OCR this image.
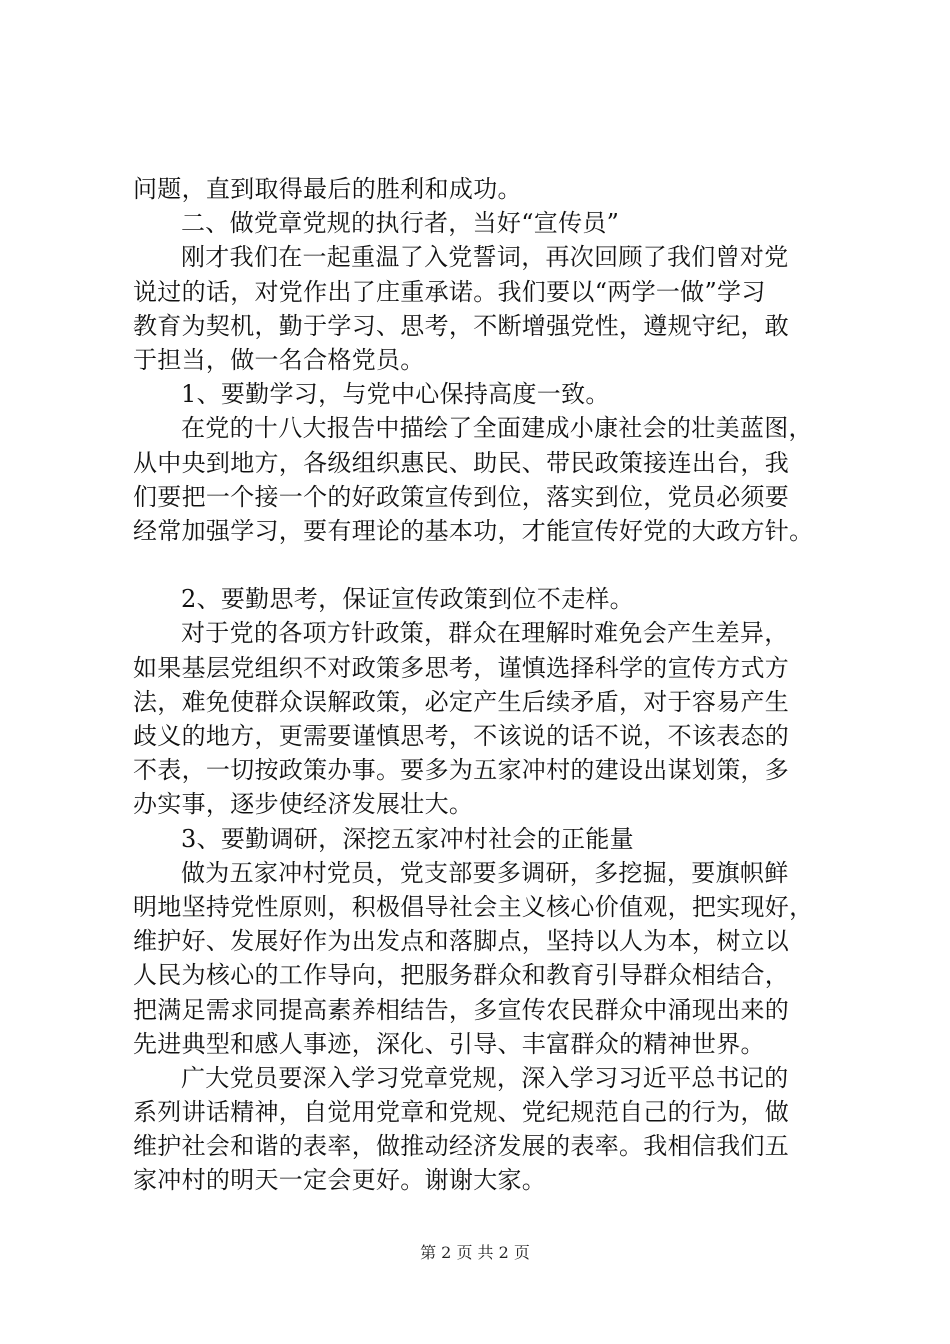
问题，直到取得最后的胜利和成功。
二、做党章党规的执行者，当好“宣传员”
刚才我们在一起重温了入党誓词，再次回顾了我们曾对党
说过的话，对党作出了庄重承诺。我们要以“两学一做”学习
教育为契机，勤于学习、思考，不断增强党性，遵规守纪，敢
于担当，做一名合格党员。
1、要勤学习，与党中心保持高度一致。
在党的十八大报告中描绘了全面建成小康社会的壮美蓝图，
从中央到地方，各级组织惠民、助民、带民政策接连出台，我
们要把一个接一个的好政策宣传到位，落实到位，党员必须要
经常加强学习，要有理论的基本功，才能宣传好党的大政方针。
2、要勤思考，保证宣传政策到位不走样。
对于党的各项方针政策，群众在理解时难免会产生差异，
如果基层党组织不对政策多思考，谨慎选择科学的宣传方式方
法，难免使群众误解政策，必定产生后续矛盾，对于容易产生
歧义的地方，更需要谨慎思考，不该说的话不说，不该表态的
不表，一切按政策办事。要多为五家冲村的建设出谋划策，多
办实事，逐步使经济发展壮大。
3、要勤调研，深挖五家冲村社会的正能量
做为五家冲村党员，党支部要多调研，多挖掘，要旗帜鲜
明地坚持党性原则，积极倡导社会主义核心价值观，把实现好，
维护好、发展好作为出发点和落脚点，坚持以人为本，树立以
人民为核心的工作导向，把服务群众和教育引导群众相结合，
把满足需求同提高素养相结告，多宣传农民群众中涌现出来的
先进典型和感人事迹，深化、引导、丰富群众的精神世界。
广大党员要深入学习党章党规，深入学习习近平总书记的
系列讲话精神，自觉用党章和党规、党纪规范自己的行为，做
维护社会和谐的表率，做推动经济发展的表率。我相信我们五
家冲村的明天一定会更好。谢谢大家。
第 2 页 共 2 页
